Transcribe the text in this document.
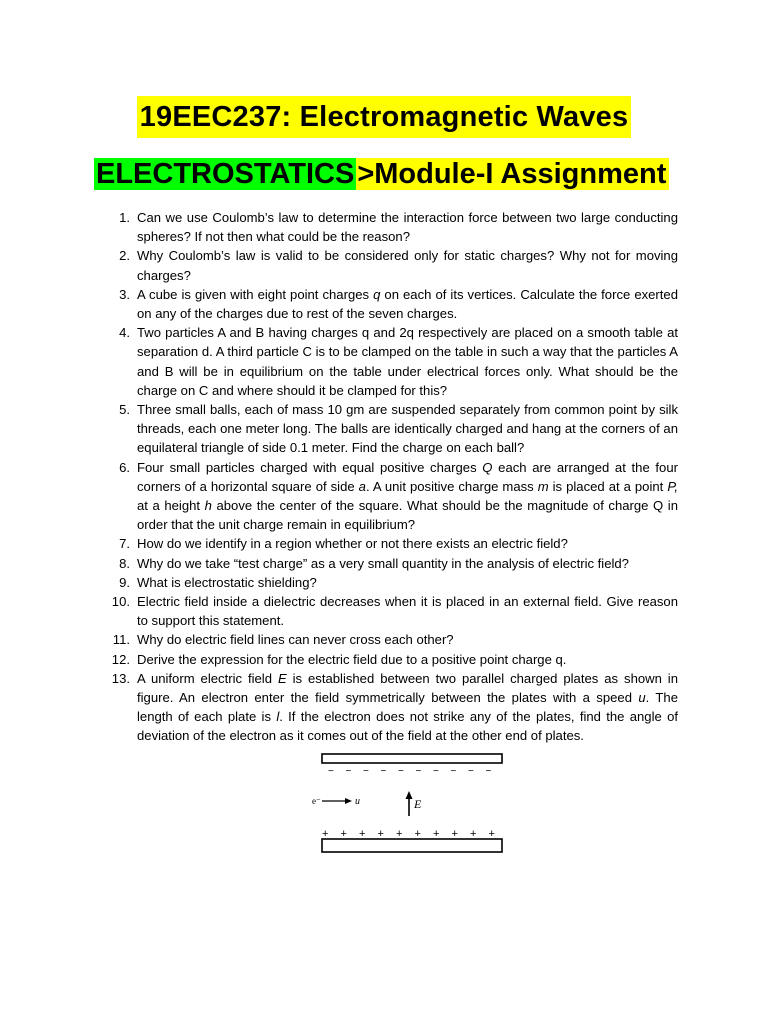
19EEC237: Electromagnetic Waves
ELECTROSTATICS >Module-I Assignment
1. Can we use Coulomb’s law to determine the interaction force between two large conducting spheres? If not then what could be the reason?
2. Why Coulomb’s law is valid to be considered only for static charges? Why not for moving charges?
3. A cube is given with eight point charges q on each of its vertices. Calculate the force exerted on any of the charges due to rest of the seven charges.
4. Two particles A and B having charges q and 2q respectively are placed on a smooth table at separation d. A third particle C is to be clamped on the table in such a way that the particles A and B will be in equilibrium on the table under electrical forces only. What should be the charge on C and where should it be clamped for this?
5. Three small balls, each of mass 10 gm are suspended separately from common point by silk threads, each one meter long. The balls are identically charged and hang at the corners of an equilateral triangle of side 0.1 meter. Find the charge on each ball?
6. Four small particles charged with equal positive charges Q each are arranged at the four corners of a horizontal square of side a. A unit positive charge mass m is placed at a point P, at a height h above the center of the square. What should be the magnitude of charge Q in order that the unit charge remain in equilibrium?
7. How do we identify in a region whether or not there exists an electric field?
8. Why do we take “test charge” as a very small quantity in the analysis of electric field?
9. What is electrostatic shielding?
10. Electric field inside a dielectric decreases when it is placed in an external field. Give reason to support this statement.
11. Why do electric field lines can never cross each other?
12. Derive the expression for the electric field due to a positive point charge q.
13. A uniform electric field E is established between two parallel charged plates as shown in figure. An electron enter the field symmetrically between the plates with a speed u. The length of each plate is l. If the electron does not strike any of the plates, find the angle of deviation of the electron as it comes out of the field at the other end of plates.
− − − − − − − − − −
+ + + + + + + + + +
e⁻	u	E
